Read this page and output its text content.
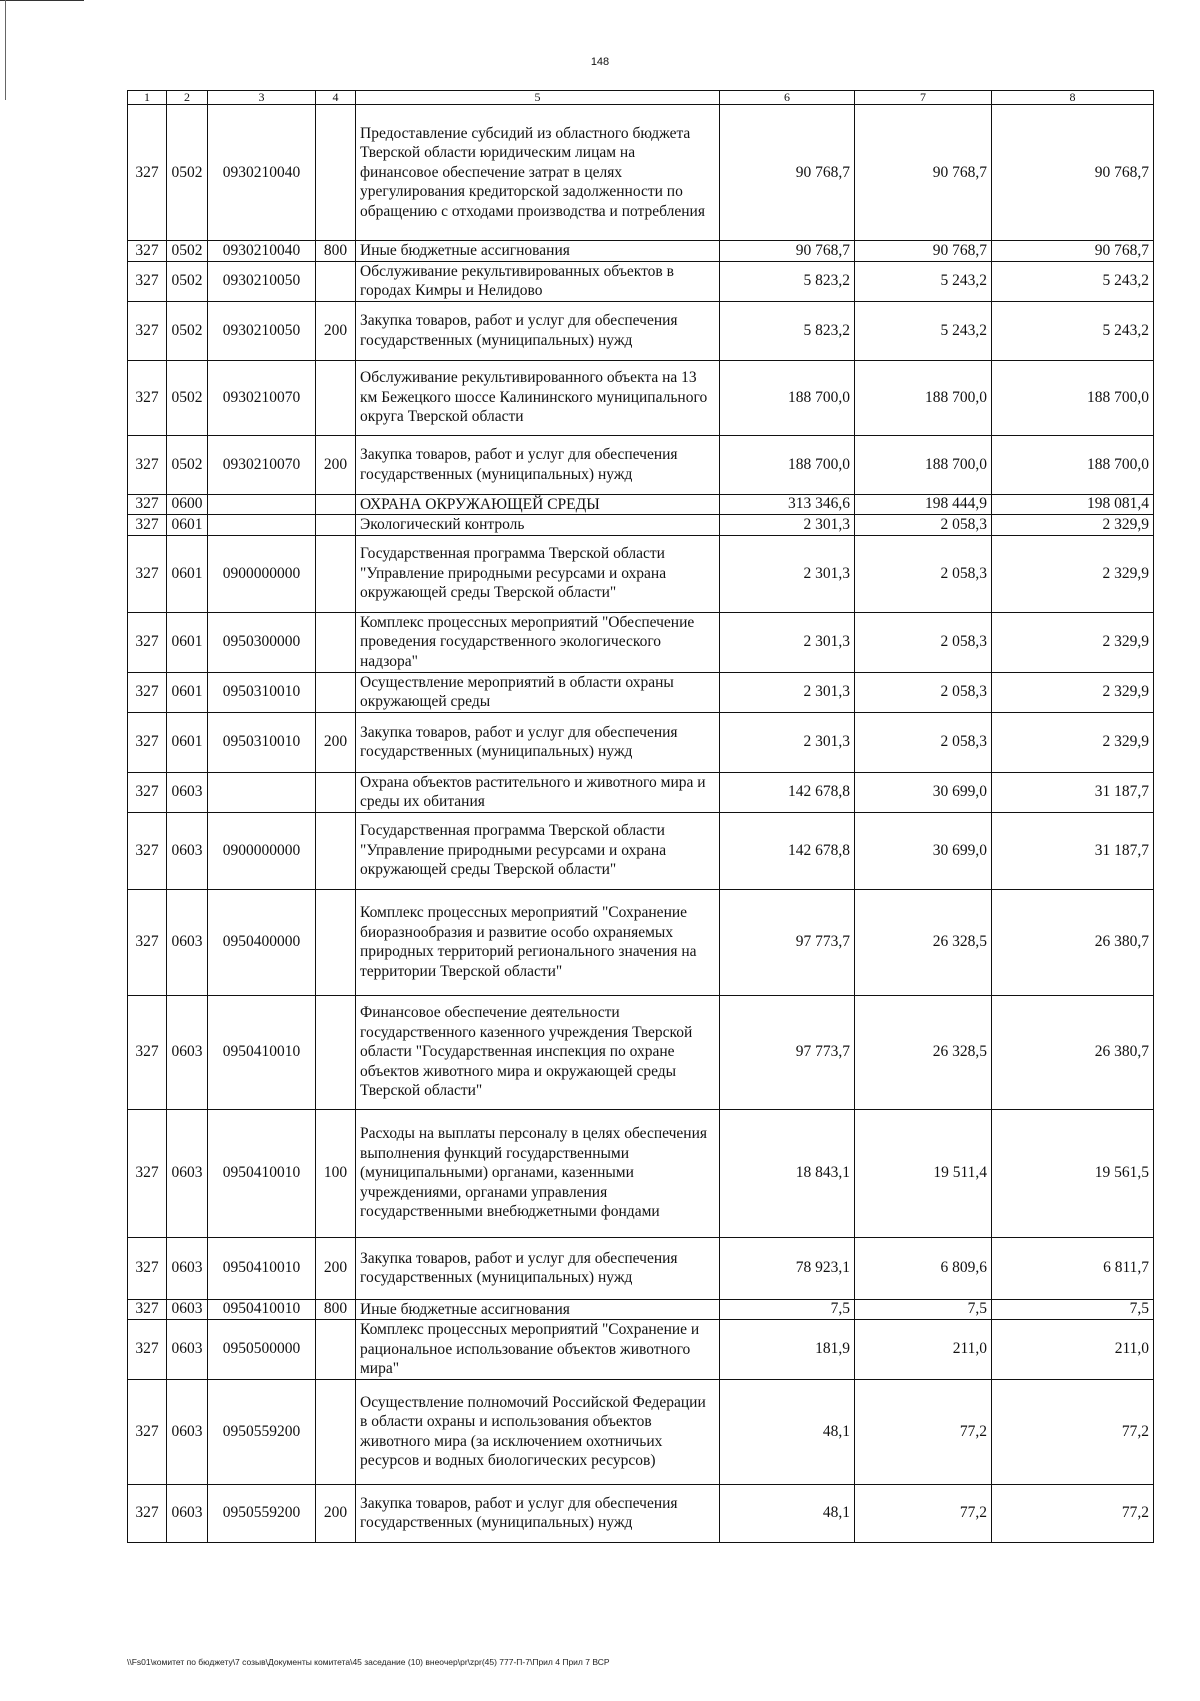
148
1	2	3	4	5	6	7	8
327	0502	0930210040		Предоставление субсидий из областного бюджета Тверской области юридическим лицам на финансовое обеспечение затрат в целях урегулирования кредиторской задолженности по обращению с отходами производства и потребления	90 768,7	90 768,7	90 768,7
327	0502	0930210040	800	Иные бюджетные ассигнования	90 768,7	90 768,7	90 768,7
327	0502	0930210050		Обслуживание рекультивированных объектов в городах Кимры и Нелидово	5 823,2	5 243,2	5 243,2
327	0502	0930210050	200	Закупка товаров, работ и услуг для обеспечения государственных (муниципальных) нужд	5 823,2	5 243,2	5 243,2
327	0502	0930210070		Обслуживание рекультивированного объекта на 13 км Бежецкого шоссе Калининского муниципального округа Тверской области	188 700,0	188 700,0	188 700,0
327	0502	0930210070	200	Закупка товаров, работ и услуг для обеспечения государственных (муниципальных) нужд	188 700,0	188 700,0	188 700,0
327	0600			ОХРАНА ОКРУЖАЮЩЕЙ СРЕДЫ	313 346,6	198 444,9	198 081,4
327	0601			Экологический контроль	2 301,3	2 058,3	2 329,9
327	0601	0900000000		Государственная программа Тверской области "Управление природными ресурсами и охрана окружающей среды Тверской области"	2 301,3	2 058,3	2 329,9
327	0601	0950300000		Комплекс процессных мероприятий "Обеспечение проведения государственного экологического надзора"	2 301,3	2 058,3	2 329,9
327	0601	0950310010		Осуществление мероприятий в области охраны окружающей среды	2 301,3	2 058,3	2 329,9
327	0601	0950310010	200	Закупка товаров, работ и услуг для обеспечения государственных (муниципальных) нужд	2 301,3	2 058,3	2 329,9
327	0603			Охрана объектов растительного и животного мира и среды их обитания	142 678,8	30 699,0	31 187,7
327	0603	0900000000		Государственная программа Тверской области "Управление природными ресурсами и охрана окружающей среды Тверской области"	142 678,8	30 699,0	31 187,7
327	0603	0950400000		Комплекс процессных мероприятий "Сохранение биоразнообразия и развитие особо охраняемых природных территорий регионального значения на территории Тверской области"	97 773,7	26 328,5	26 380,7
327	0603	0950410010		Финансовое обеспечение деятельности государственного казенного учреждения Тверской области "Государственная инспекция по охране объектов животного мира и окружающей среды Тверской области"	97 773,7	26 328,5	26 380,7
327	0603	0950410010	100	Расходы на выплаты персоналу в целях обеспечения выполнения функций государственными (муниципальными) органами, казенными учреждениями, органами управления государственными внебюджетными фондами	18 843,1	19 511,4	19 561,5
327	0603	0950410010	200	Закупка товаров, работ и услуг для обеспечения государственных (муниципальных) нужд	78 923,1	6 809,6	6 811,7
327	0603	0950410010	800	Иные бюджетные ассигнования	7,5	7,5	7,5
327	0603	0950500000		Комплекс процессных мероприятий "Сохранение и рациональное использование объектов животного мира"	181,9	211,0	211,0
327	0603	0950559200		Осуществление полномочий Российской Федерации в области охраны и использования объектов животного мира (за исключением охотничьих ресурсов и водных биологических ресурсов)	48,1	77,2	77,2
327	0603	0950559200	200	Закупка товаров, работ и услуг для обеспечения государственных (муниципальных) нужд	48,1	77,2	77,2
\\Fs01\комитет по бюджету\7 созыв\Документы комитета\45 заседание (10) внеочер\pr\zpr(45) 777-П-7\Прил 4 Прил 7 ВСР
